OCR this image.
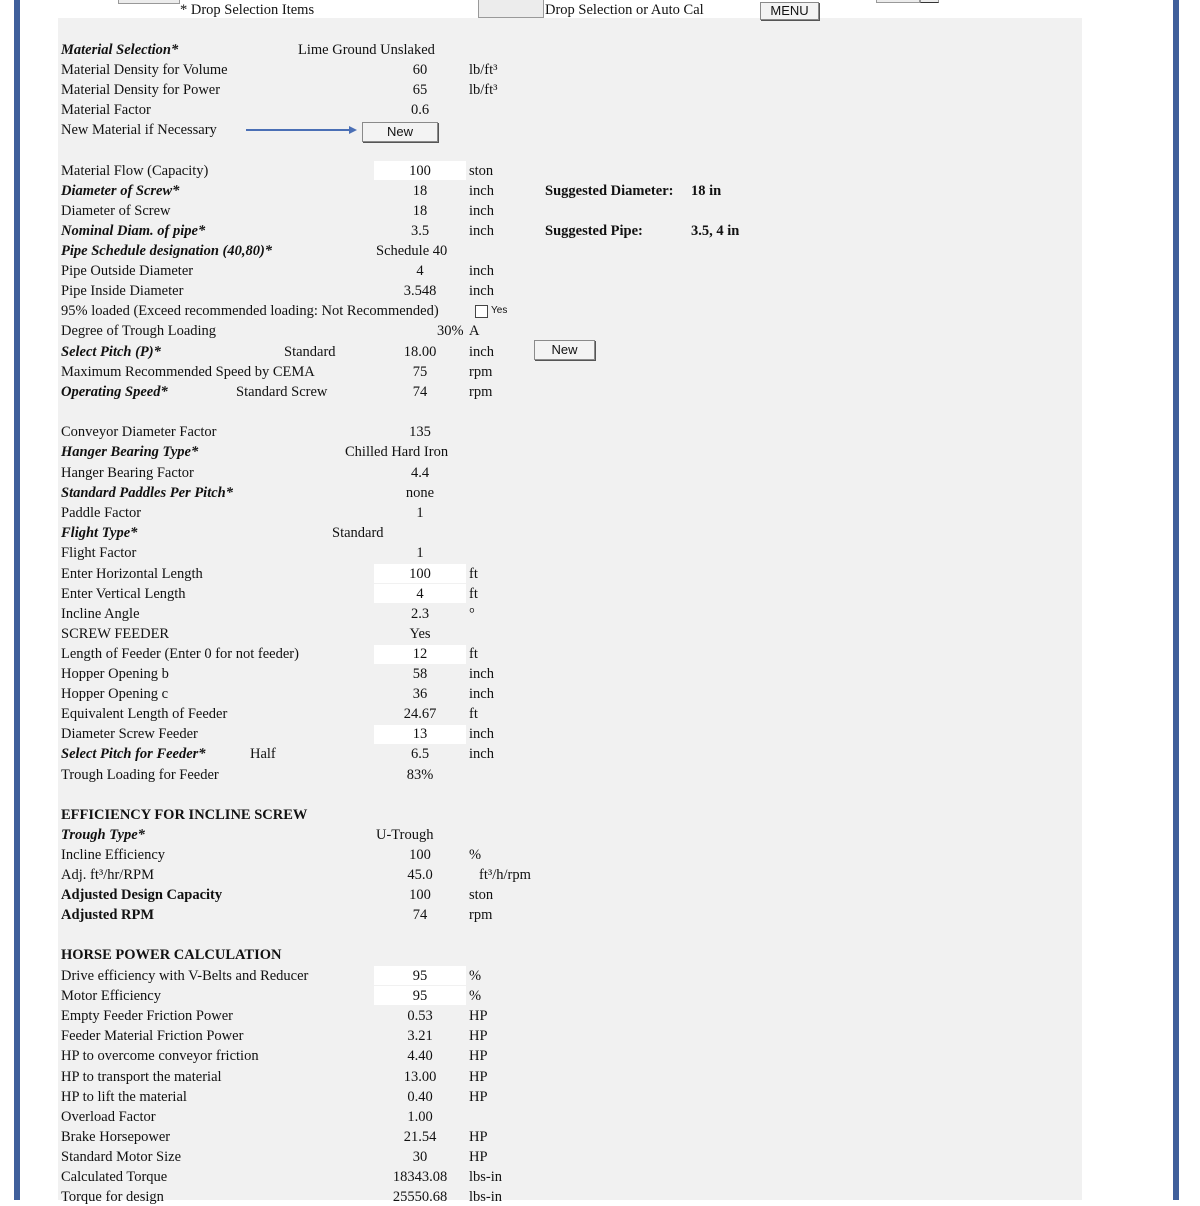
* Drop Selection Items	Drop Selection or Auto Cal	MENU
Material Selection*	Lime Ground Unslaked
Material Density for Volume	60	lb/ft³
Material Density for Power	65	lb/ft³
Material Factor	0.6
New Material if Necessary	New
Material Flow (Capacity)	100	ston
Diameter of Screw*	18	inch	Suggested Diameter: 18 in
Diameter of Screw	18	inch
Nominal Diam. of pipe*	3.5	inch	Suggested Pipe:	3.5, 4 in
Pipe Schedule designation (40,80)*	Schedule 40
Pipe Outside Diameter	4	inch
Pipe Inside Diameter	3.548	inch
95% loaded (Exceed recommended loading: Not Recommended)	Yes
Degree of Trough Loading	30% A
Select Pitch (P)*	Standard	18.00	inch	New
Maximum Recommended Speed by CEMA	75	rpm
Operating Speed*	Standard Screw	74	rpm
Conveyor Diameter Factor	135
Hanger Bearing Type*	Chilled Hard Iron
Hanger Bearing Factor	4.4
Standard Paddles Per Pitch*	none
Paddle Factor	1
Flight Type*	Standard
Flight Factor	1
Enter Horizontal Length	100	ft
Enter Vertical Length	4	ft
Incline Angle	2.3	°
SCREW FEEDER	Yes
Length of Feeder (Enter 0 for not feeder)	12	ft
Hopper Opening b	58	inch
Hopper Opening c	36	inch
Equivalent Length of Feeder	24.67	ft
Diameter Screw Feeder	13	inch
Select Pitch for Feeder*	Half	6.5	inch
Trough Loading for Feeder	83%
EFFICIENCY FOR INCLINE SCREW
Trough Type*	U-Trough
Incline Efficiency	100	%
Adj. ft³/hr/RPM	45.0	ft³/h/rpm
Adjusted Design Capacity	100	ston
Adjusted RPM	74	rpm
HORSE POWER CALCULATION
Drive efficiency with V-Belts and Reducer	95	%
Motor Efficiency	95	%
Empty Feeder Friction Power	0.53	HP
Feeder Material Friction Power	3.21	HP
HP to overcome conveyor friction	4.40	HP
HP to transport the material	13.00	HP
HP to lift the material	0.40	HP
Overload Factor	1.00
Brake Horsepower	21.54	HP
Standard Motor Size	30	HP
Calculated Torque	18343.08	lbs-in
Torque for design	25550.68	lbs-in
